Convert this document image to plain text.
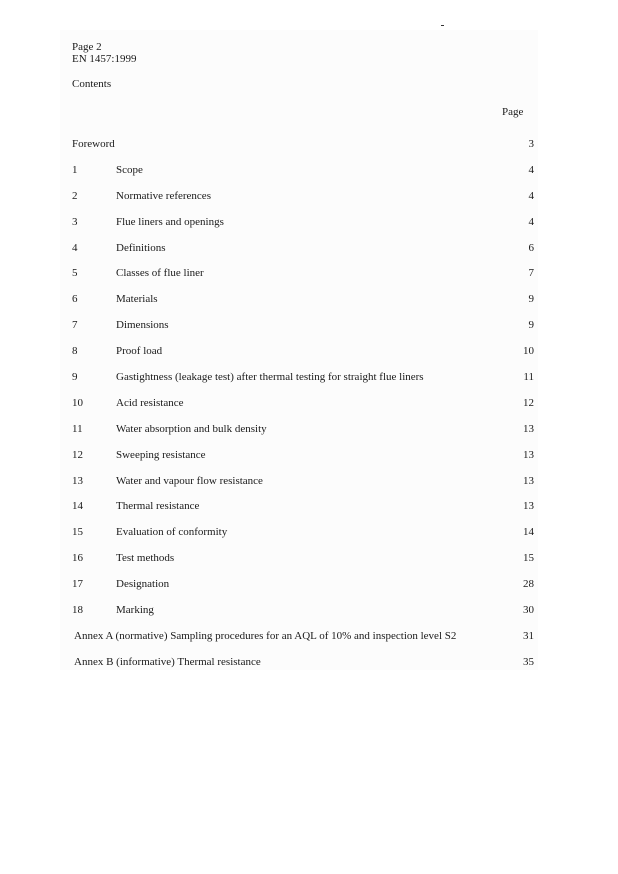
Page 2
EN 1457:1999
Contents
Page
Foreword	3
1	Scope	4
2	Normative references	4
3	Flue liners and openings	4
4	Definitions	6
5	Classes of flue liner	7
6	Materials	9
7	Dimensions	9
8	Proof load	10
9	Gastightness (leakage test) after thermal testing for straight flue liners	11
10	Acid resistance	12
11	Water absorption and bulk density	13
12	Sweeping resistance	13
13	Water and vapour flow resistance	13
14	Thermal resistance	13
15	Evaluation of conformity	14
16	Test methods	15
17	Designation	28
18	Marking	30
Annex A (normative) Sampling procedures for an AQL of 10% and inspection level S2	31
Annex B (informative) Thermal resistance	35
